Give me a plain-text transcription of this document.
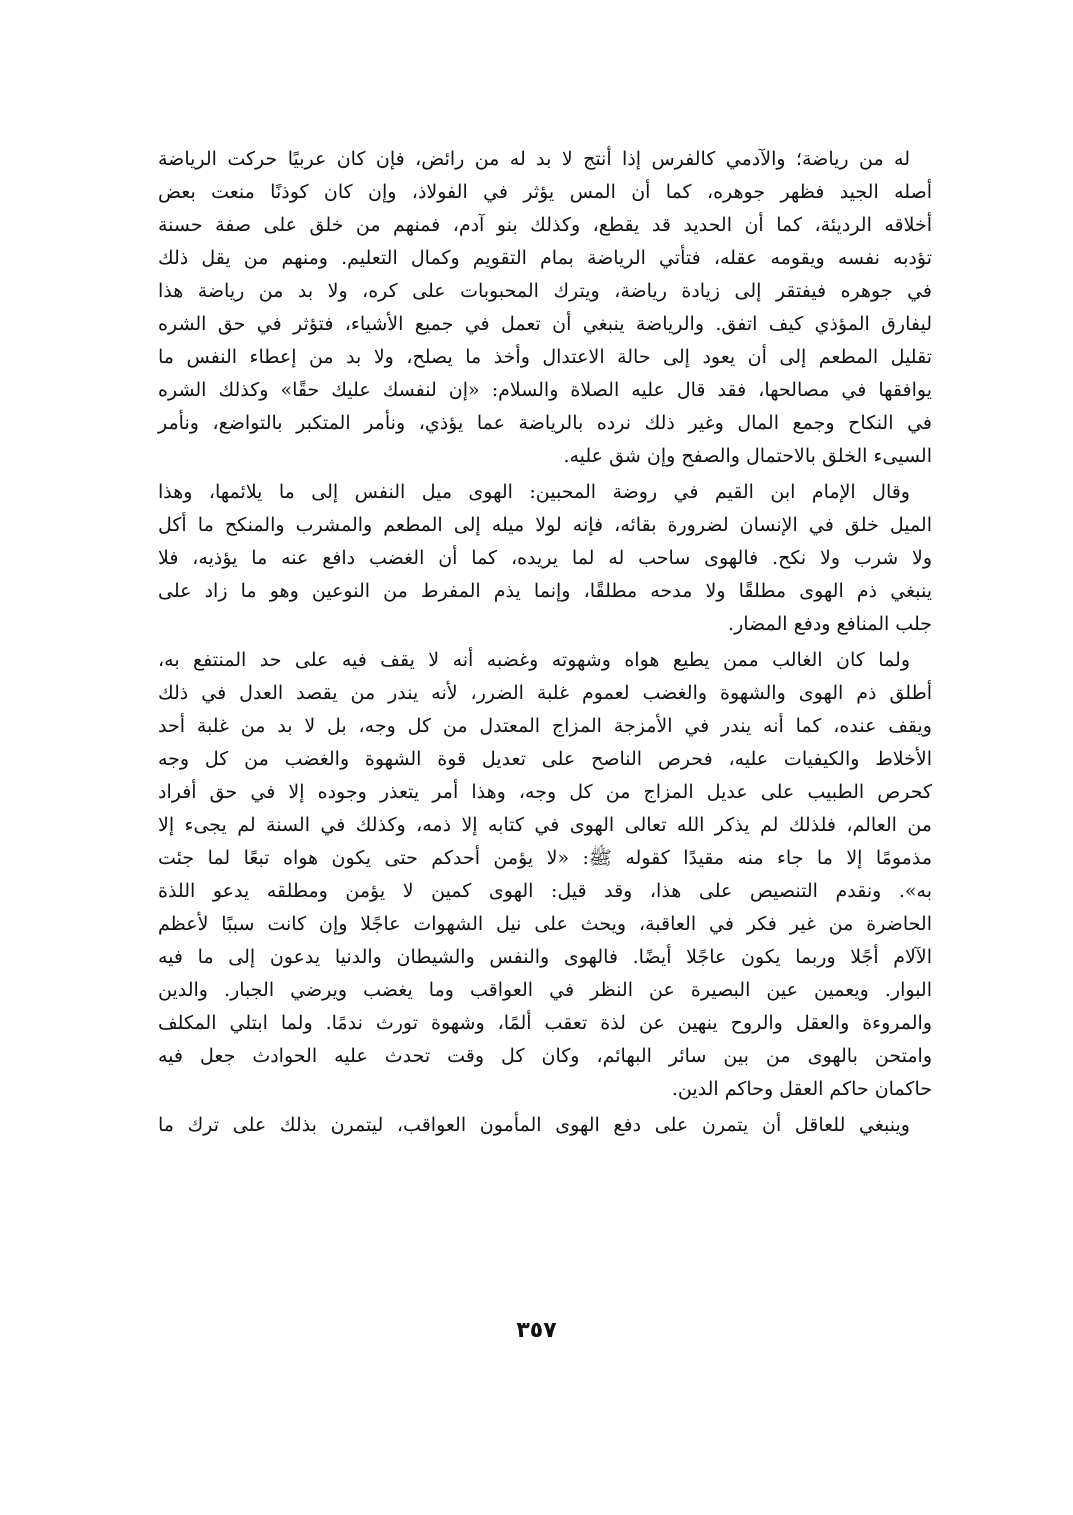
له من رياضة؛ والآدمي كالفرس إذا أنتج لا بد له من رائض، فإن كان عربيًا حركت الرياضة
أصله الجيد فظهر جوهره، كما أن المس يؤثر في الفولاذ، وإن كان كوذنًا منعت بعض
أخلاقه الرديئة، كما أن الحديد قد يقطع، وكذلك بنو آدم، فمنهم من خلق على صفة حسنة
تؤدبه نفسه ويقومه عقله، فتأتي الرياضة بمام التقويم وكمال التعليم. ومنهم من يقل ذلك
في جوهره فيفتقر إلى زيادة رياضة، ويترك المحبوبات على كره، ولا بد من رياضة هذا
ليفارق المؤذي كيف اتفق. والرياضة ينبغي أن تعمل في جميع الأشياء، فتؤثر في حق الشره
تقليل المطعم إلى أن يعود إلى حالة الاعتدال وأخذ ما يصلح، ولا بد من إعطاء النفس ما
يوافقها في مصالحها، فقد قال عليه الصلاة والسلام: «إن لنفسك عليك حقًا» وكذلك الشره
في النكاح وجمع المال وغير ذلك نرده بالرياضة عما يؤذي، ونأمر المتكبر بالتواضع، ونأمر
السيىء الخلق بالاحتمال والصفح وإن شق عليه.
وقال الإمام ابن القيم في روضة المحبين: الهوى ميل النفس إلى ما يلائمها، وهذا
الميل خلق في الإنسان لضرورة بقائه، فإنه لولا ميله إلى المطعم والمشرب والمنكح ما أكل
ولا شرب ولا نكح. فالهوى ساحب له لما يريده، كما أن الغضب دافع عنه ما يؤذيه، فلا
ينبغي ذم الهوى مطلقًا ولا مدحه مطلقًا، وإنما يذم المفرط من النوعين وهو ما زاد على
جلب المنافع ودفع المضار.
ولما كان الغالب ممن يطيع هواه وشهوته وغضبه أنه لا يقف فيه على حد المنتفع به،
أطلق ذم الهوى والشهوة والغضب لعموم غلبة الضرر، لأنه يندر من يقصد العدل في ذلك
ويقف عنده، كما أنه يندر في الأمزجة المزاج المعتدل من كل وجه، بل لا بد من غلبة أحد
الأخلاط والكيفيات عليه، فحرص الناصح على تعديل قوة الشهوة والغضب من كل وجه
كحرص الطبيب على عديل المزاج من كل وجه، وهذا أمر يتعذر وجوده إلا في حق أفراد
من العالم، فلذلك لم يذكر الله تعالى الهوى في كتابه إلا ذمه، وكذلك في السنة لم يجىء إلا
مذمومًا إلا ما جاء منه مقيدًا كقوله ﷺ: «لا يؤمن أحدكم حتى يكون هواه تبعًا لما جئت
به». ونقدم التنصيص على هذا، وقد قيل: الهوى كمين لا يؤمن ومطلقه يدعو اللذة
الحاضرة من غير فكر في العاقبة، ويحث على نيل الشهوات عاجًلا وإن كانت سببًا لأعظم
الآلام أجًلا وربما يكون عاجًلا أيضًا. فالهوى والنفس والشيطان والدنيا يدعون إلى ما فيه
البوار. ويعمين عين البصيرة عن النظر في العواقب وما يغضب ويرضي الجبار. والدين
والمروءة والعقل والروح ينهين عن لذة تعقب ألمًا، وشهوة تورث ندمًا. ولما ابتلي المكلف
وامتحن بالهوى من بين سائر البهائم، وكان كل وقت تحدث عليه الحوادث جعل فيه
حاكمان حاكم العقل وحاكم الدين.
وينبغي للعاقل أن يتمرن على دفع الهوى المأمون العواقب، ليتمرن بذلك على ترك ما
٣٥٧
